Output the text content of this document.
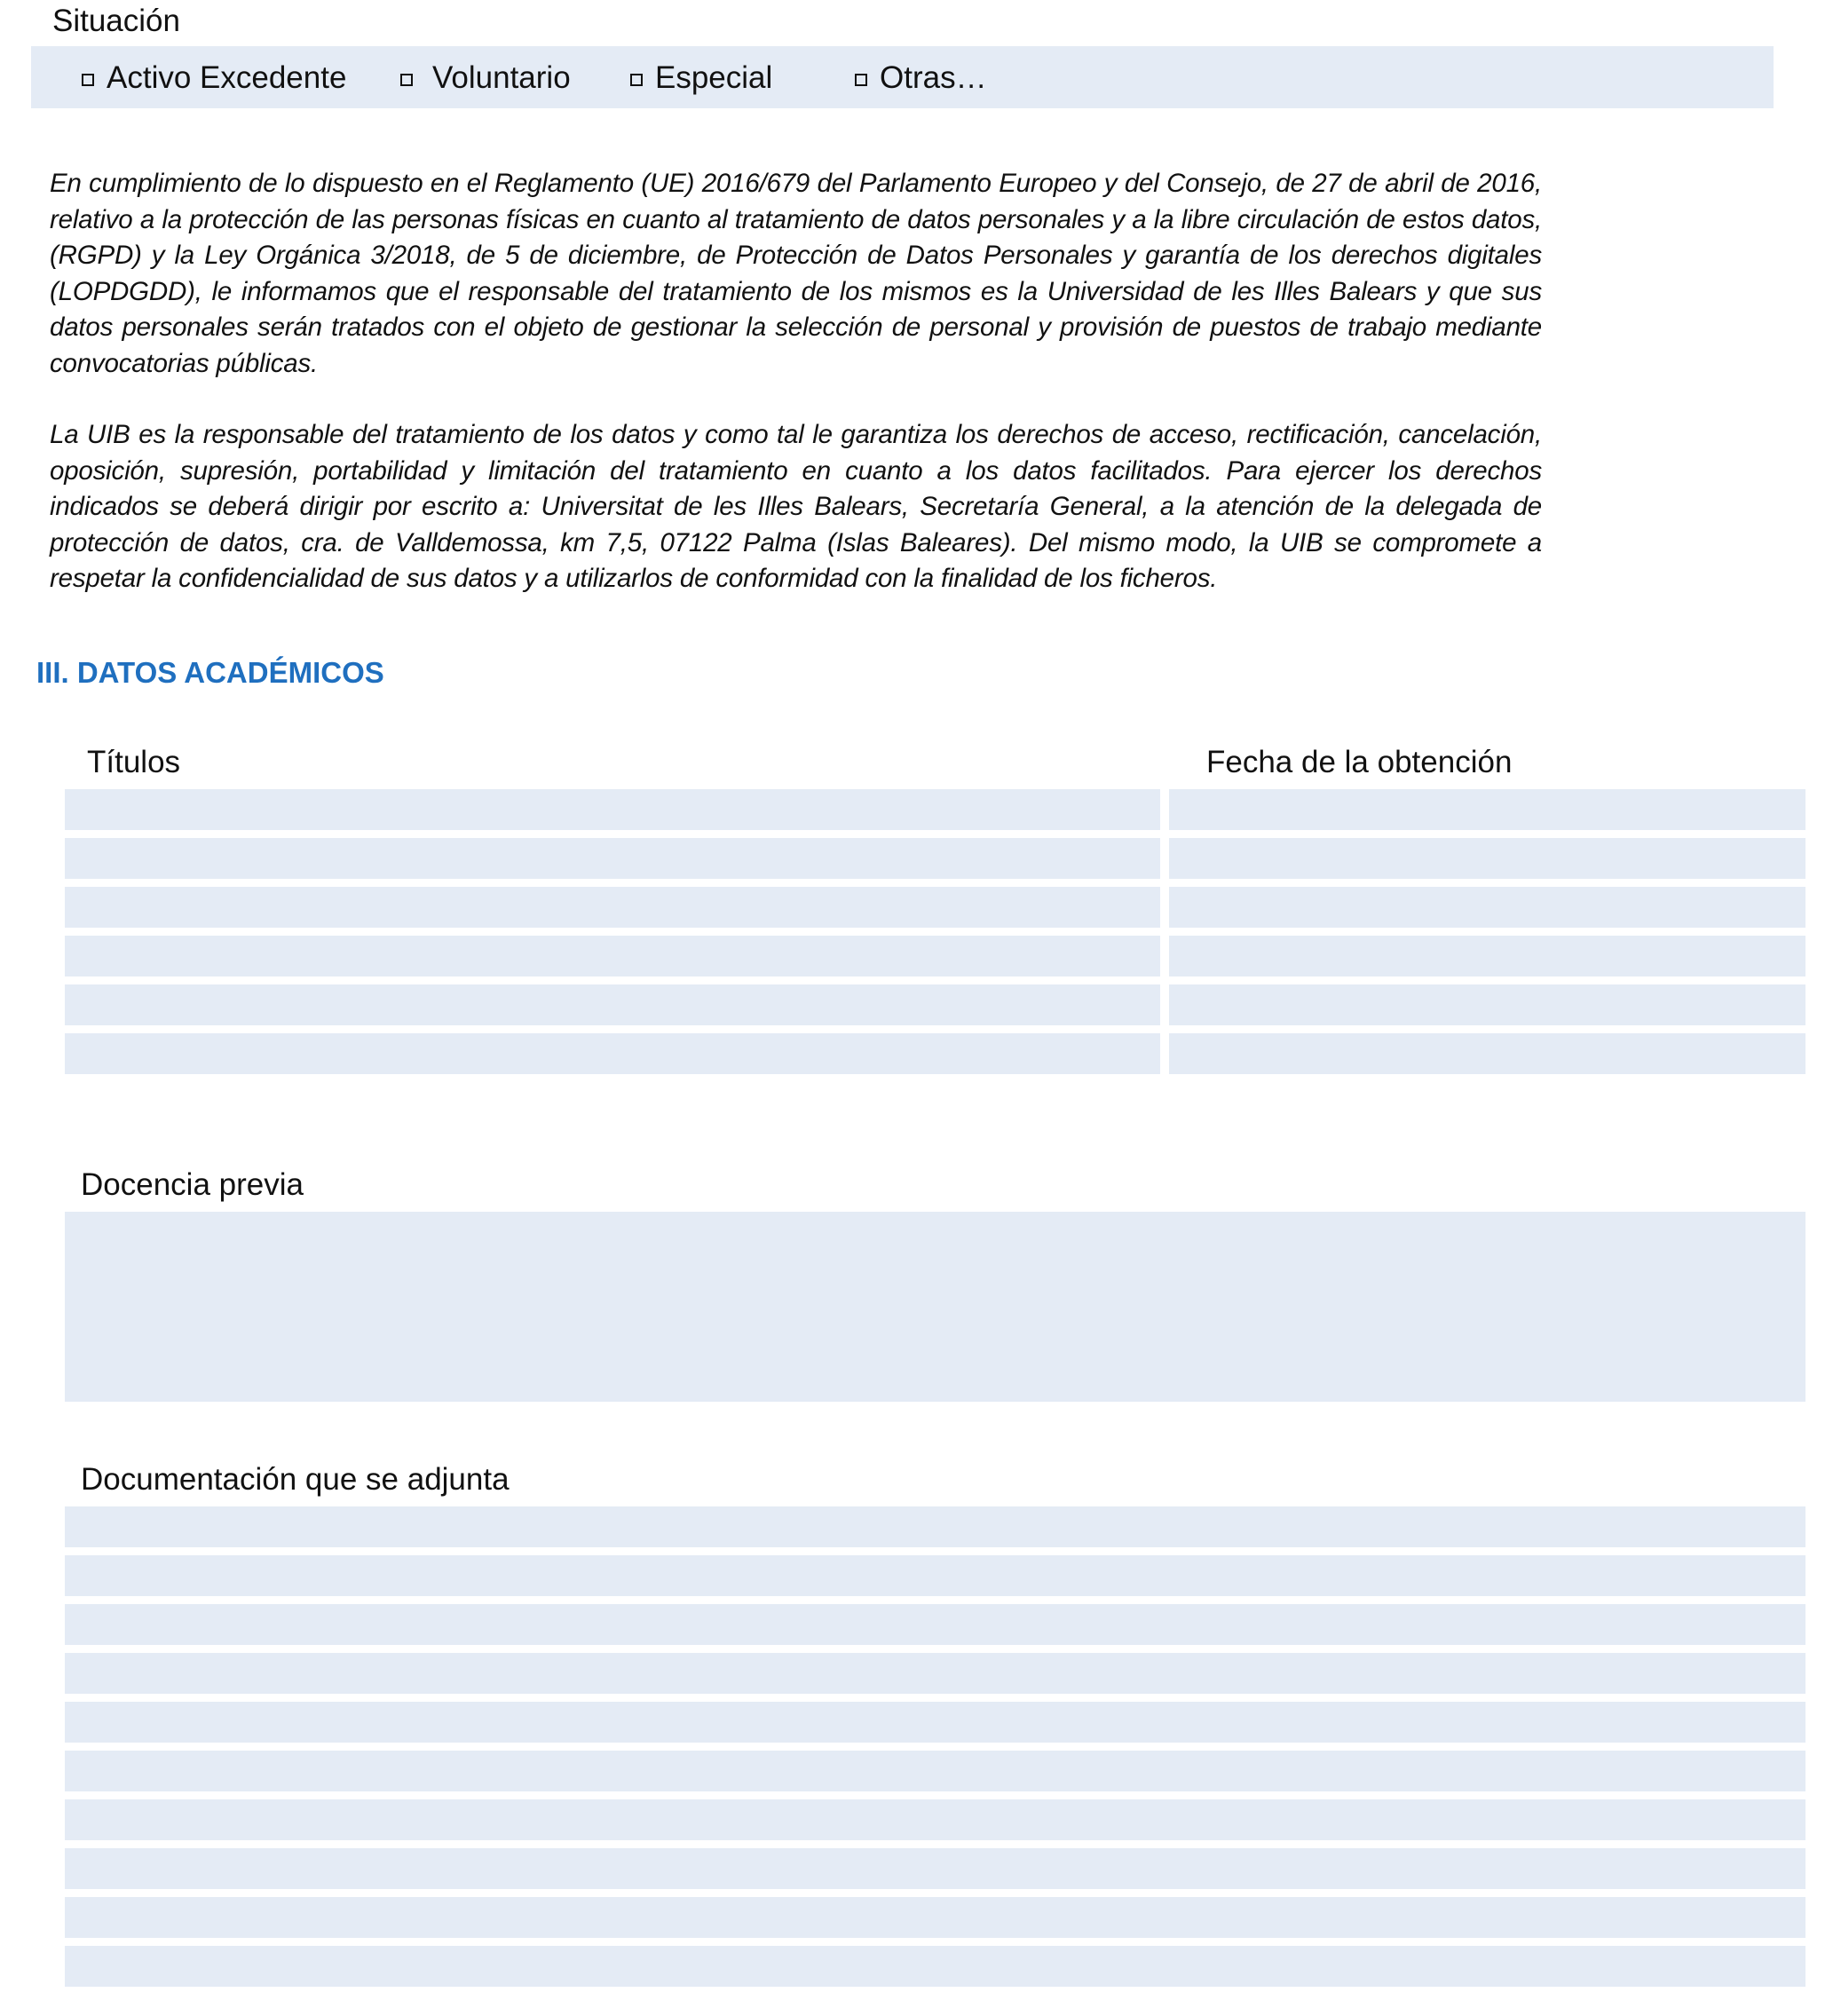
Situación
Activo Excedente	Voluntario	Especial	Otras…
En cumplimiento de lo dispuesto en el Reglamento (UE) 2016/679 del Parlamento Europeo y del Consejo, de 27 de abril de 2016, relativo a la protección de las personas físicas en cuanto al tratamiento de datos personales y a la libre circulación de estos datos, (RGPD) y la Ley Orgánica 3/2018, de 5 de diciembre, de Protección de Datos Personales y garantía de los derechos digitales (LOPDGDD), le informamos que el responsable del tratamiento de los mismos es la Universidad de les Illes Balears y que sus datos personales serán tratados con el objeto de gestionar la selección de personal y provisión de puestos de trabajo mediante convocatorias públicas.
La UIB es la responsable del tratamiento de los datos y como tal le garantiza los derechos de acceso, rectificación, cancelación, oposición, supresión, portabilidad y limitación del tratamiento en cuanto a los datos facilitados. Para ejercer los derechos indicados se deberá dirigir por escrito a: Universitat de les Illes Balears, Secretaría General, a la atención de la delegada de protección de datos, cra. de Valldemossa, km 7,5, 07122 Palma (Islas Baleares). Del mismo modo, la UIB se compromete a respetar la confidencialidad de sus datos y a utilizarlos de conformidad con la finalidad de los ficheros.
III. DATOS ACADÉMICOS
Títulos	Fecha de la obtención
Docencia previa
Documentación que se adjunta
